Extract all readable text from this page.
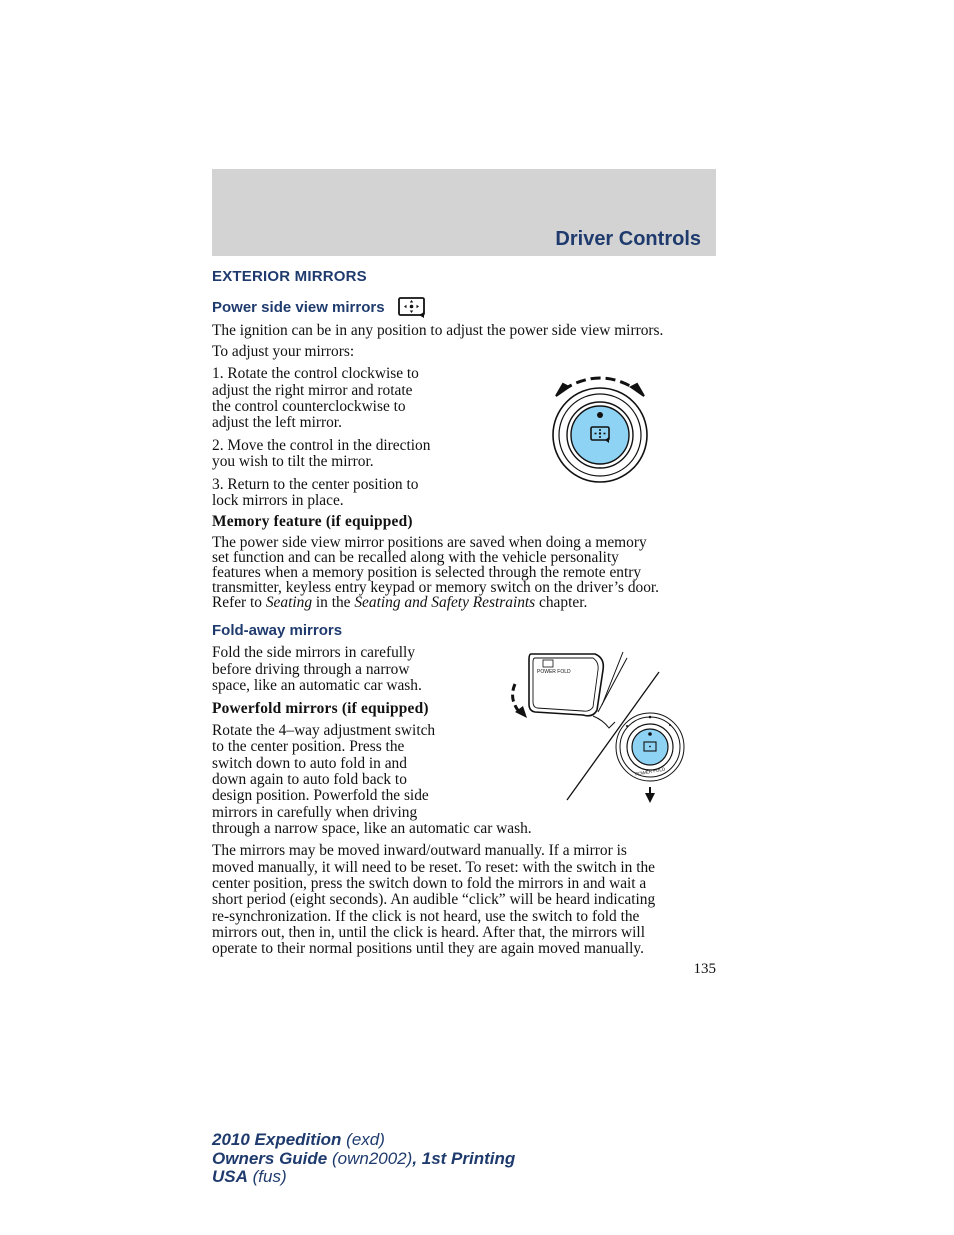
Driver Controls
EXTERIOR MIRRORS
Power side view mirrors
The ignition can be in any position to adjust the power side view mirrors.
To adjust your mirrors:
1. Rotate the control clockwise to
adjust the right mirror and rotate
the control counterclockwise to
adjust the left mirror.
2. Move the control in the direction
you wish to tilt the mirror.
3. Return to the center position to
lock mirrors in place.
Memory feature (if equipped)
The power side view mirror positions are saved when doing a memory
set function and can be recalled along with the vehicle personality
features when a memory position is selected through the remote entry
transmitter, keyless entry keypad or memory switch on the driver’s door.
Refer to Seating in the Seating and Safety Restraints chapter.
Fold-away mirrors
Fold the side mirrors in carefully
before driving through a narrow
space, like an automatic car wash.
Powerfold mirrors (if equipped)
Rotate the 4–way adjustment switch
to the center position. Press the
switch down to auto fold in and
down again to auto fold back to
design position. Powerfold the side
mirrors in carefully when driving
through a narrow space, like an automatic car wash.
POWER FOLD
POWER FOLD
The mirrors may be moved inward/outward manually. If a mirror is
moved manually, it will need to be reset. To reset: with the switch in the
center position, press the switch down to fold the mirrors in and wait a
short period (eight seconds). An audible “click” will be heard indicating
re-synchronization. If the click is not heard, use the switch to fold the
mirrors out, then in, until the click is heard. After that, the mirrors will
operate to their normal positions until they are again moved manually.
135
2010 Expedition (exd)
Owners Guide (own2002), 1st Printing
USA (fus)
